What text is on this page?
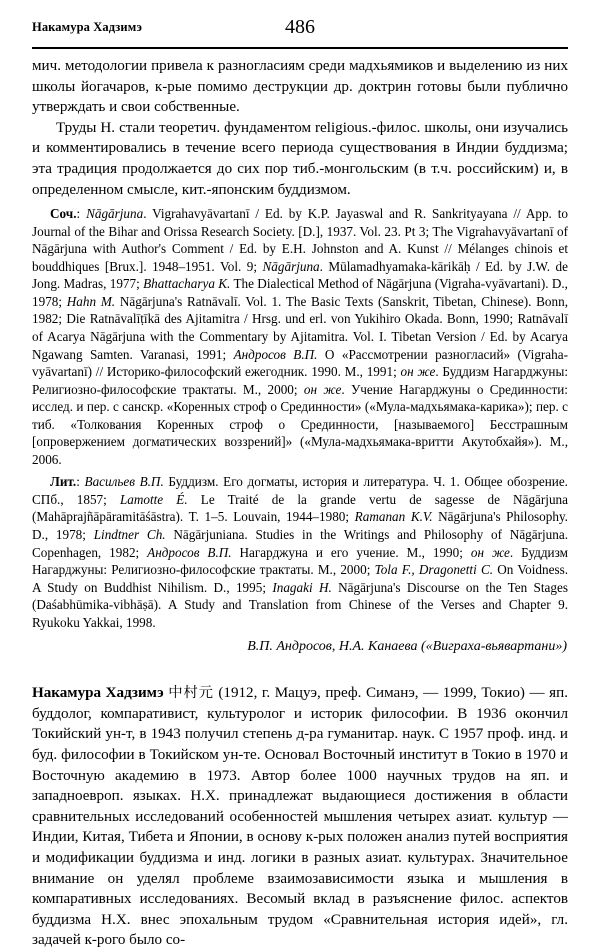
Накамура Хадзимэ	486

мич. методологии привела к разногласиям среди мадхьямиков и выделению из них школы йогачаров, к-рые помимо деструкции др. доктрин готовы были публично утверждать и свои собственные.

Труды Н. стали теоретич. фундаментом religious.-филос. школы, они изучались и комментировались в течение всего периода существования в Индии буддизма; эта традиция продолжается до сих пор тиб.-монгольским (в т.ч. российским) и, в определенном смысле, кит.-японским буддизмом.

Соч.: Nāgārjuna. Vigrahavyāvartanī / Ed. by K.P. Jayaswal and R. Sankrityayana // App. to Journal of the Bihar and Orissa Research Society. [D.], 1937. Vol. 23. Pt 3; The Vigrahavyāvartanī of Nāgārjuna with Author's Comment / Ed. by E.H. Johnston and A. Kunst // Mélanges chinois et bouddhiques [Brux.]. 1948–1951. Vol. 9; Nāgārjuna. Mūlamadhyamaka-kārikāḥ / Ed. by J.W. de Jong. Madras, 1977; Bhattacharya K. The Dialectical Method of Nāgārjuna (Vigraha-vyāvartani). D., 1978; Hahn M. Nāgārjuna's Ratnāvalī. Vol. 1. The Basic Texts (Sanskrit, Tibetan, Chinese). Bonn, 1982; Die Ratnāvalīṭīkā des Ajitamitra / Hrsg. und erl. von Yukihiro Okada. Bonn, 1990; Ratnāvalī of Acarya Nāgārjuna with the Commentary by Ajitamitra. Vol. I. Tibetan Version / Ed. by Acarya Ngawang Samten. Varanasi, 1991; Андросов В.П. О «Рассмотрении разногласий» (Vigraha-vyāvartanī) // Историко-философский ежегодник. 1990. М., 1991; он же. Буддизм Нагарджуны: Религиозно-философские трактаты. М., 2000; он же. Учение Нагарджуны о Срединности: исслед. и пер. с санскр. «Коренных строф о Срединности» («Мула-мадхьямака-карика»); пер. с тиб. «Толкования Коренных строф о Срединности, [называемого] Бесстрашным [опровержением догматических воззрений]» («Мула-мадхьямака-вритти Акутобхайя»). М., 2006.

Лит.: Васильев В.П. Буддизм. Его догматы, история и литература. Ч. 1. Общее обозрение. СПб., 1857; Lamotte É. Le Traité de la grande vertu de sagesse de Nāgārjuna (Mahāprajñāpāramitāśāstra). T. 1–5. Louvain, 1944–1980; Ramanan K.V. Nāgārjuna's Philosophy. D., 1978; Lindtner Ch. Nāgārjuniana. Studies in the Writings and Philosophy of Nāgārjuna. Copenhagen, 1982; Андросов В.П. Нагарджуна и его учение. М., 1990; он же. Буддизм Нагарджуны: Религиозно-философские трактаты. М., 2000; Tola F., Dragonetti C. On Voidness. A Study on Buddhist Nihilism. D., 1995; Inagaki H. Nāgārjuna's Discourse on the Ten Stages (Daśabhūmika-vibhāṣā). A Study and Translation from Chinese of the Verses and Chapter 9. Ryukoku Yakkai, 1998.

В.П. Андросов, Н.А. Канаева («Виграха-вьявартани»)

Накамура Хадзимэ 中村元 (1912, г. Мацуэ, преф. Симанэ, — 1999, Токио) — яп. буддолог, компаративист, культуролог и историк философии. В 1936 окончил Токийский ун-т, в 1943 получил степень д-ра гуманитар. наук. С 1957 проф. инд. и буд. философии в Токийском ун-те. Основал Восточный институт в Токио в 1970 и Восточную академию в 1973. Автор более 1000 научных трудов на яп. и западноевроп. языках. Н.Х. принадлежат выдающиеся достижения в области сравнительных исследований особенностей мышления четырех азиат. культур — Индии, Китая, Тибета и Японии, в основу к-рых положен анализ путей восприятия и модификации буддизма и инд. логики в разных азиат. культурах. Значительное внимание он уделял проблеме взаимозависимости языка и мышления в компаративных исследованиях. Весомый вклад в разъяснение филос. аспектов буддизма Н.Х. внес эпохальным трудом «Сравнительная история идей», гл. задачей к-рого было со-
